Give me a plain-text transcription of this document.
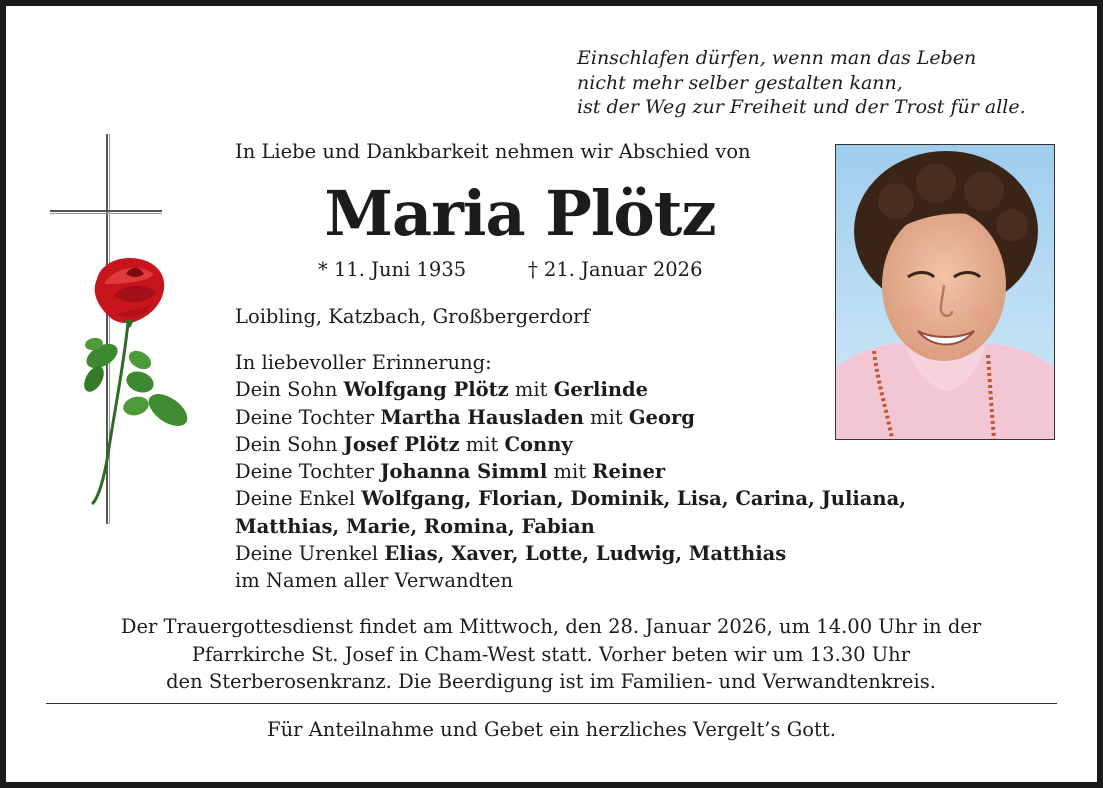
Einschlafen dürfen, wenn man das Leben
nicht mehr selber gestalten kann,
ist der Weg zur Freiheit und der Trost für alle.
In Liebe und Dankbarkeit nehmen wir Abschied von
Maria Plötz
* 11. Juni 1935	† 21. Januar 2026
Loibling, Katzbach, Großbergerdorf
In liebevoller Erinnerung:
Dein Sohn Wolfgang Plötz mit Gerlinde
Deine Tochter Martha Hausladen mit Georg
Dein Sohn Josef Plötz mit Conny
Deine Tochter Johanna Simml mit Reiner
Deine Enkel Wolfgang, Florian, Dominik, Lisa, Carina, Juliana,
Matthias, Marie, Romina, Fabian
Deine Urenkel Elias, Xaver, Lotte, Ludwig, Matthias
im Namen aller Verwandten
Der Trauergottesdienst findet am Mittwoch, den 28. Januar 2026, um 14.00 Uhr in der
Pfarrkirche St. Josef in Cham-West statt. Vorher beten wir um 13.30 Uhr
den Sterberosenkranz. Die Beerdigung ist im Familien- und Verwandtenkreis.
Für Anteilnahme und Gebet ein herzliches Vergelt’s Gott.
